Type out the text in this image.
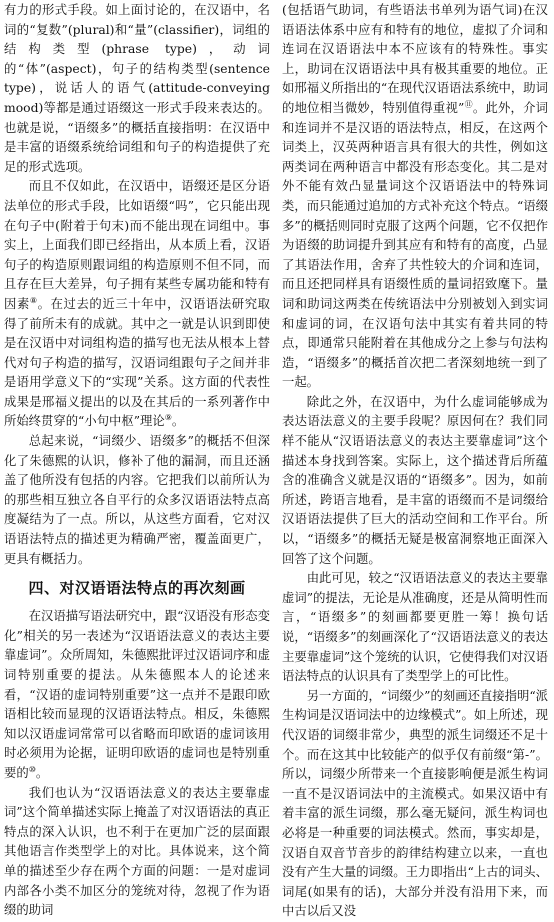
有力的形式手段。如上面讨论的，在汉语中，名词的“复数”(plural)和“量”(classifier)，词组的结构类型(phrase type)，动词的“体”(aspect)，句子的结构类型(sentence type)，说话人的语气(attitude-conveying mood)等都是通过语缀这一形式手段来表达的。也就是说，“语缀多”的概括直接指明：在汉语中是丰富的语缀系统给词组和句子的构造提供了充足的形式选项。

而且不仅如此，在汉语中，语缀还是区分语法单位的形式手段，比如语缀“吗”，它只能出现在句子中(附着于句末)而不能出现在词组中。事实上，上面我们即已经指出，从本质上看，汉语句子的构造原则跟词组的构造原则不但不同，而且存在巨大差异，句子拥有某些专属功能和特有因素⑧。在过去的近三十年中，汉语语法研究取得了前所未有的成就。其中之一就是认识到即使是在汉语中对词组构造的描写也无法从根本上替代对句子构造的描写，汉语词组跟句子之间并非是语用学意义下的“实现”关系。这方面的代表性成果是邢福义提出的以及在其后的一系列著作中所始终贯穿的“小句中枢”理论⑨。

总起来说，“词缀少、语缀多”的概括不但深化了朱德熙的认识，修补了他的漏洞，而且还涵盖了他所没有包括的内容。它把我们以前所认为的那些相互独立各自平行的众多汉语语法特点高度凝结为了一点。所以，从这些方面看，它对汉语语法特点的描述更为精确严密，覆盖面更广，更具有概括力。

四、对汉语语法特点的再次刻画

在汉语描写语法研究中，跟“汉语没有形态变化”相关的另一表述为“汉语语法意义的表达主要靠虚词”。众所周知，朱德熙批评过汉语词序和虚词特别重要的提法。从朱德熙本人的论述来看，“汉语的虚词特别重要”这一点并不是跟印欧语相比较而显现的汉语语法特点。相反，朱德熙知以汉语虚词常常可以省略而印欧语的虚词该用时必须用为论据，证明印欧语的虚词也是特别重要的⑩。

我们也认为“汉语语法意义的表达主要靠虚词”这个简单描述实际上掩盖了对汉语语法的真正特点的深入认识，也不利于在更加广泛的层面跟其他语言作类型学上的对比。具体说来，这个简单的描述至少存在两个方面的问题：一是对虚词内部各小类不加区分的笼统对待，忽视了作为语缀的助词

(包括语气助词，有些语法书单列为语气词)在汉语语法体系中应有和特有的地位，虚拟了介词和连词在汉语语法中本不应该有的特殊性。事实上，助词在汉语语法中具有极其重要的地位。正如邢福义所指出的“在现代汉语语法系统中，助词的地位相当微妙，特别值得重视”⑪。此外，介词和连词并不是汉语的语法特点，相反，在这两个词类上，汉英两种语言具有很大的共性，例如这两类词在两种语言中都没有形态变化。其二是对外不能有效凸显量词这个汉语语法中的特殊词类，而只能通过追加的方式补充这个特点。“语缀多”的概括则同时克服了这两个问题，它不仅把作为语缀的助词提升到其应有和特有的高度，凸显了其语法作用，舍弃了共性较大的介词和连词，而且还把同样具有语缀性质的量词招致麾下。量词和助词这两类在传统语法中分别被划入到实词和虚词的词，在汉语句法中其实有着共同的特点，即通常只能附着在其他成分之上参与句法构造，“语缀多”的概括首次把二者深刻地统一到了一起。

除此之外，在汉语中，为什么虚词能够成为表达语法意义的主要手段呢？原因何在？我们同样不能从“汉语语法意义的表达主要靠虚词”这个描述本身找到答案。实际上，这个描述背后所蕴含的准确含义就是汉语的“语缀多”。因为，如前所述，跨语言地看，是丰富的语缀而不是词缀给汉语语法提供了巨大的活动空间和工作平台。所以，“语缀多”的概括无疑是极富洞察地正面深入回答了这个问题。

由此可见，较之“汉语语法意义的表达主要靠虚词”的提法，无论是从准确度，还是从简明性而言，“语缀多”的刻画都要更胜一筹！换句话说，“语缀多”的刻画深化了“汉语语法意义的表达主要靠虚词”这个笼统的认识，它使得我们对汉语语法特点的认识具有了类型学上的可比性。

另一方面的，“词缀少”的刻画还直接指明“派生构词是汉语词法中的边缘模式”。如上所述，现代汉语的词缀非常少，典型的派生词缀还不足十个。而在这其中比较能产的似乎仅有前缀“第-”。所以，词缀少所带来一个直接影响便是派生构词一直不是汉语词法中的主流模式。如果汉语中有着丰富的派生词缀，那么毫无疑问，派生构词也必将是一种重要的词法模式。然而，事实却是，汉语自双音节音步的韵律结构建立以来，一直也没有产生大量的词缀。王力即指出“上古的词头、词尾(如果有的话)，大部分并没有沿用下来，而中古以后又没
